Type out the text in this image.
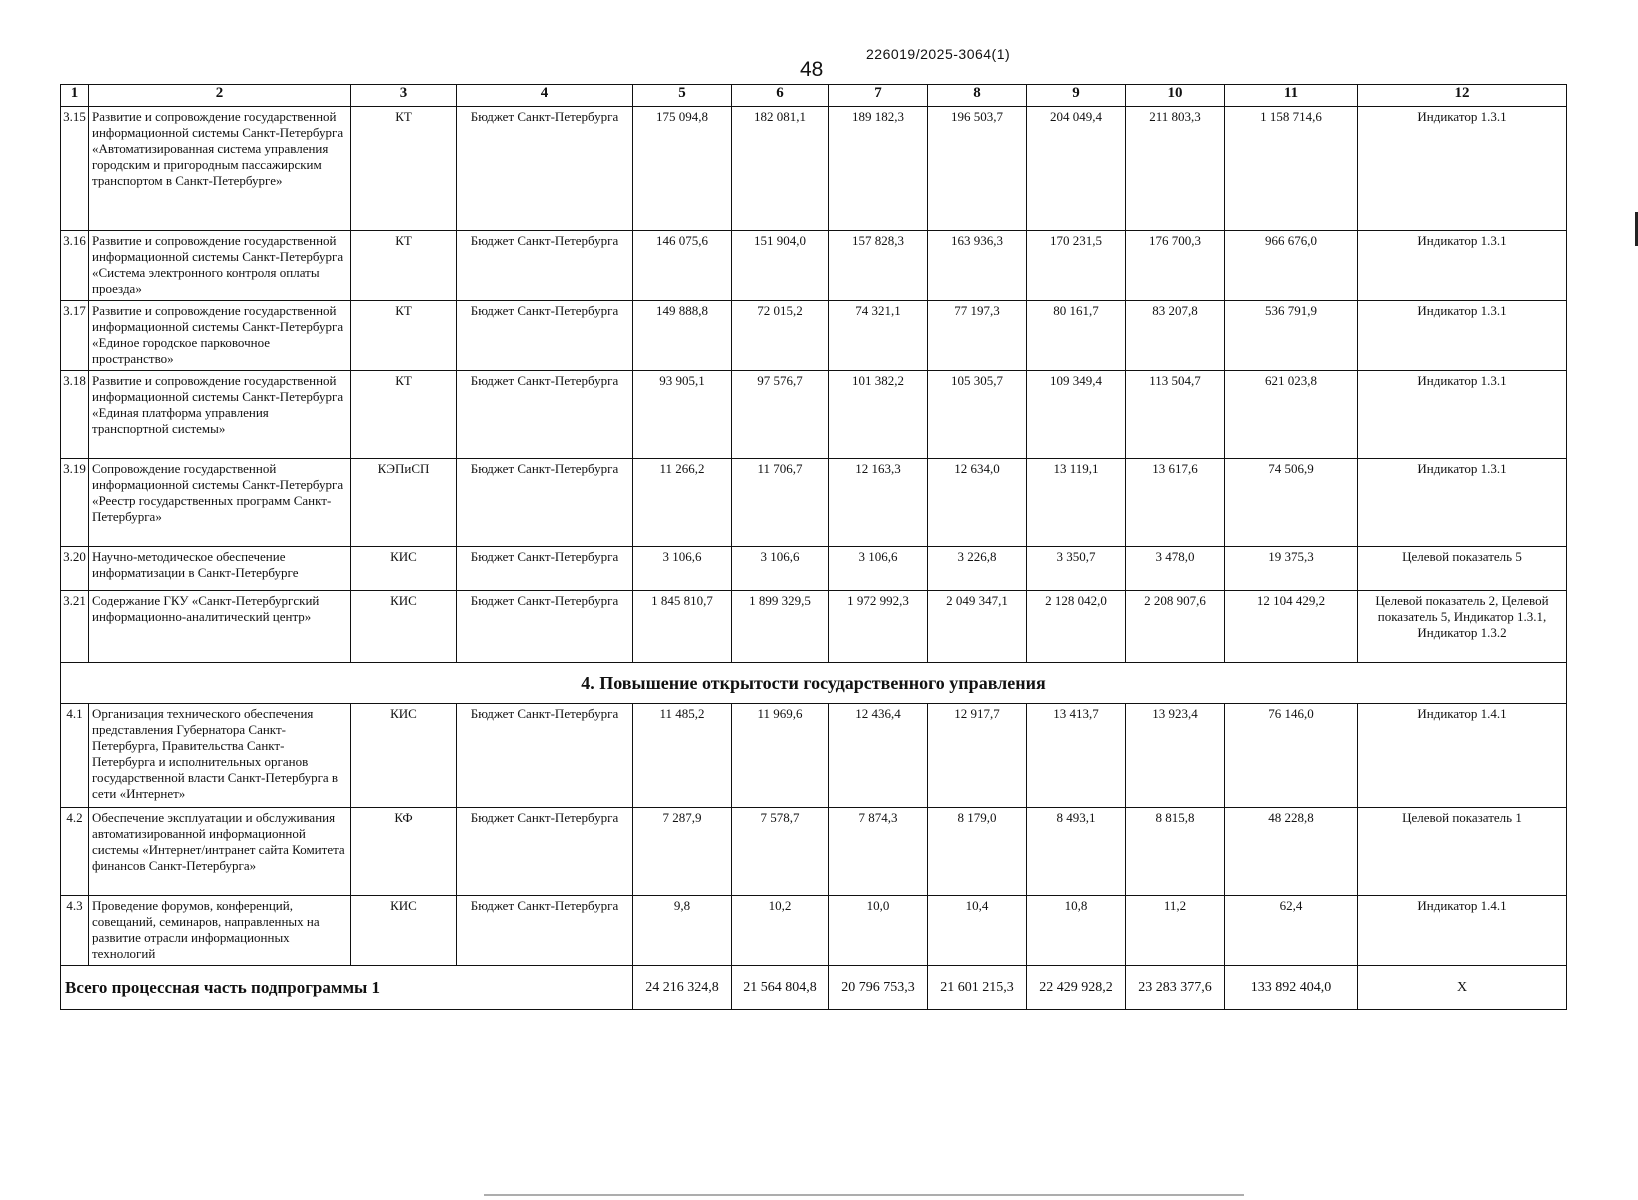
226019/2025-3064(1)
48
1	2	3	4	5	6	7	8	9	10	11	12
3.15	Развитие и сопровождение государственной информационной системы Санкт-Петербурга «Автоматизированная система управления городским и пригородным пассажирским транспортом в Санкт-Петербурге»	КТ	Бюджет Санкт-Петербурга	175 094,8	182 081,1	189 182,3	196 503,7	204 049,4	211 803,3	1 158 714,6	Индикатор 1.3.1
3.16	Развитие и сопровождение государственной информационной системы Санкт-Петербурга «Система электронного контроля оплаты проезда»	КТ	Бюджет Санкт-Петербурга	146 075,6	151 904,0	157 828,3	163 936,3	170 231,5	176 700,3	966 676,0	Индикатор 1.3.1
3.17	Развитие и сопровождение государственной информационной системы Санкт-Петербурга «Единое городское парковочное пространство»	КТ	Бюджет Санкт-Петербурга	149 888,8	72 015,2	74 321,1	77 197,3	80 161,7	83 207,8	536 791,9	Индикатор 1.3.1
3.18	Развитие и сопровождение государственной информационной системы Санкт-Петербурга «Единая платформа управления транспортной системы»	КТ	Бюджет Санкт-Петербурга	93 905,1	97 576,7	101 382,2	105 305,7	109 349,4	113 504,7	621 023,8	Индикатор 1.3.1
3.19	Сопровождение государственной информационной системы Санкт-Петербурга «Реестр государственных программ Санкт-Петербурга»	КЭПиСП	Бюджет Санкт-Петербурга	11 266,2	11 706,7	12 163,3	12 634,0	13 119,1	13 617,6	74 506,9	Индикатор 1.3.1
3.20	Научно-методическое обеспечение информатизации в Санкт-Петербурге	КИС	Бюджет Санкт-Петербурга	3 106,6	3 106,6	3 106,6	3 226,8	3 350,7	3 478,0	19 375,3	Целевой показатель 5
3.21	Содержание ГКУ «Санкт-Петербургский информационно-аналитический центр»	КИС	Бюджет Санкт-Петербурга	1 845 810,7	1 899 329,5	1 972 992,3	2 049 347,1	2 128 042,0	2 208 907,6	12 104 429,2	Целевой показатель 2, Целевой показатель 5, Индикатор 1.3.1, Индикатор 1.3.2
4. Повышение открытости государственного управления											
4.1	Организация технического обеспечения представления Губернатора Санкт-Петербурга, Правительства Санкт-Петербурга и исполнительных органов государственной власти Санкт-Петербурга в сети «Интернет»	КИС	Бюджет Санкт-Петербурга	11 485,2	11 969,6	12 436,4	12 917,7	13 413,7	13 923,4	76 146,0	Индикатор 1.4.1
4.2	Обеспечение эксплуатации и обслуживания автоматизированной информационной системы «Интернет/интранет сайта Комитета финансов Санкт-Петербурга»	КФ	Бюджет Санкт-Петербурга	7 287,9	7 578,7	7 874,3	8 179,0	8 493,1	8 815,8	48 228,8	Целевой показатель 1
4.3	Проведение форумов, конференций, совещаний, семинаров, направленных на развитие отрасли информационных технологий	КИС	Бюджет Санкт-Петербурга	9,8	10,2	10,0	10,4	10,8	11,2	62,4	Индикатор 1.4.1
Всего процессная часть подпрограммы 1				24 216 324,8	21 564 804,8	20 796 753,3	21 601 215,3	22 429 928,2	23 283 377,6	133 892 404,0	X
